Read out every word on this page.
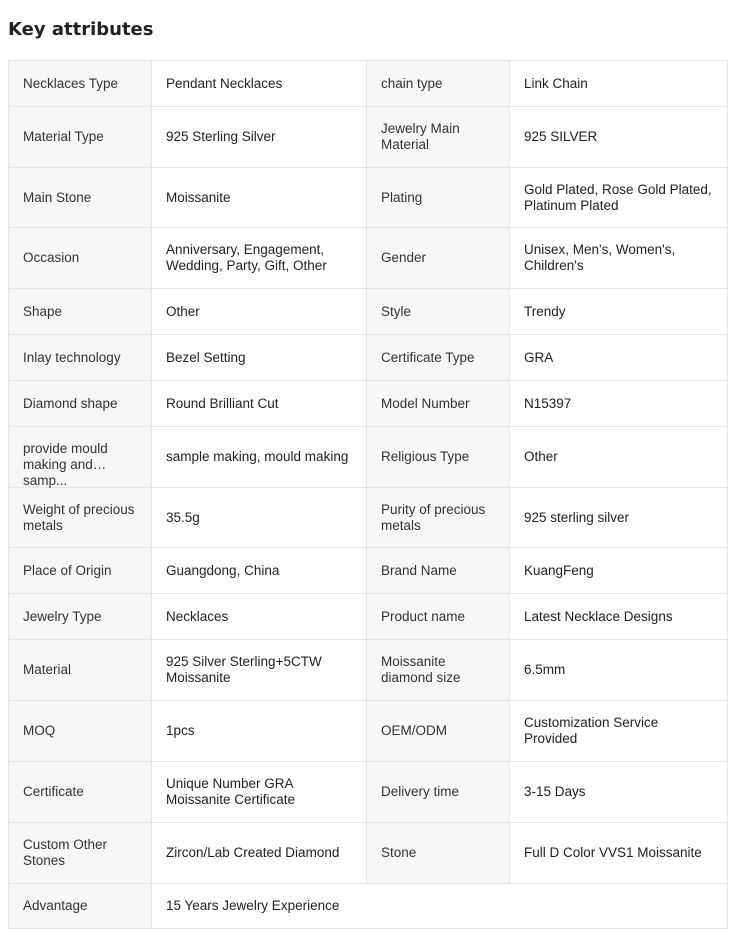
Key attributes
Necklaces Type	Pendant Necklaces	chain type	Link Chain

Material Type	925 Sterling Silver	Jewelry Main Material	925 SILVER

Main Stone	Moissanite	Plating	Gold Plated, Rose Gold Plated, Platinum Plated

Occasion	Anniversary, Engagement, Wedding, Party, Gift, Other	Gender	Unisex, Men's, Women's, Children's

Shape	Other	Style	Trendy

Inlay technology	Bezel Setting	Certificate Type	GRA

Diamond shape	Round Brilliant Cut	Model Number	N15397

provide mould making and samp...	sample making, mould making	Religious Type	Other

Weight of precious metals	35.5g	Purity of precious metals	925 sterling silver

Place of Origin	Guangdong, China	Brand Name	KuangFeng

Jewelry Type	Necklaces	Product name	Latest Necklace Designs

Material	925 Silver Sterling+5CTW Moissanite	Moissanite diamond size	6.5mm

MOQ	1pcs	OEM/ODM	Customization Service Provided

Certificate	Unique Number GRA Moissanite Certificate	Delivery time	3-15 Days

Custom Other Stones	Zircon/Lab Created Diamond	Stone	Full D Color VVS1 Moissanite

Advantage	15 Years Jewelry Experience		
